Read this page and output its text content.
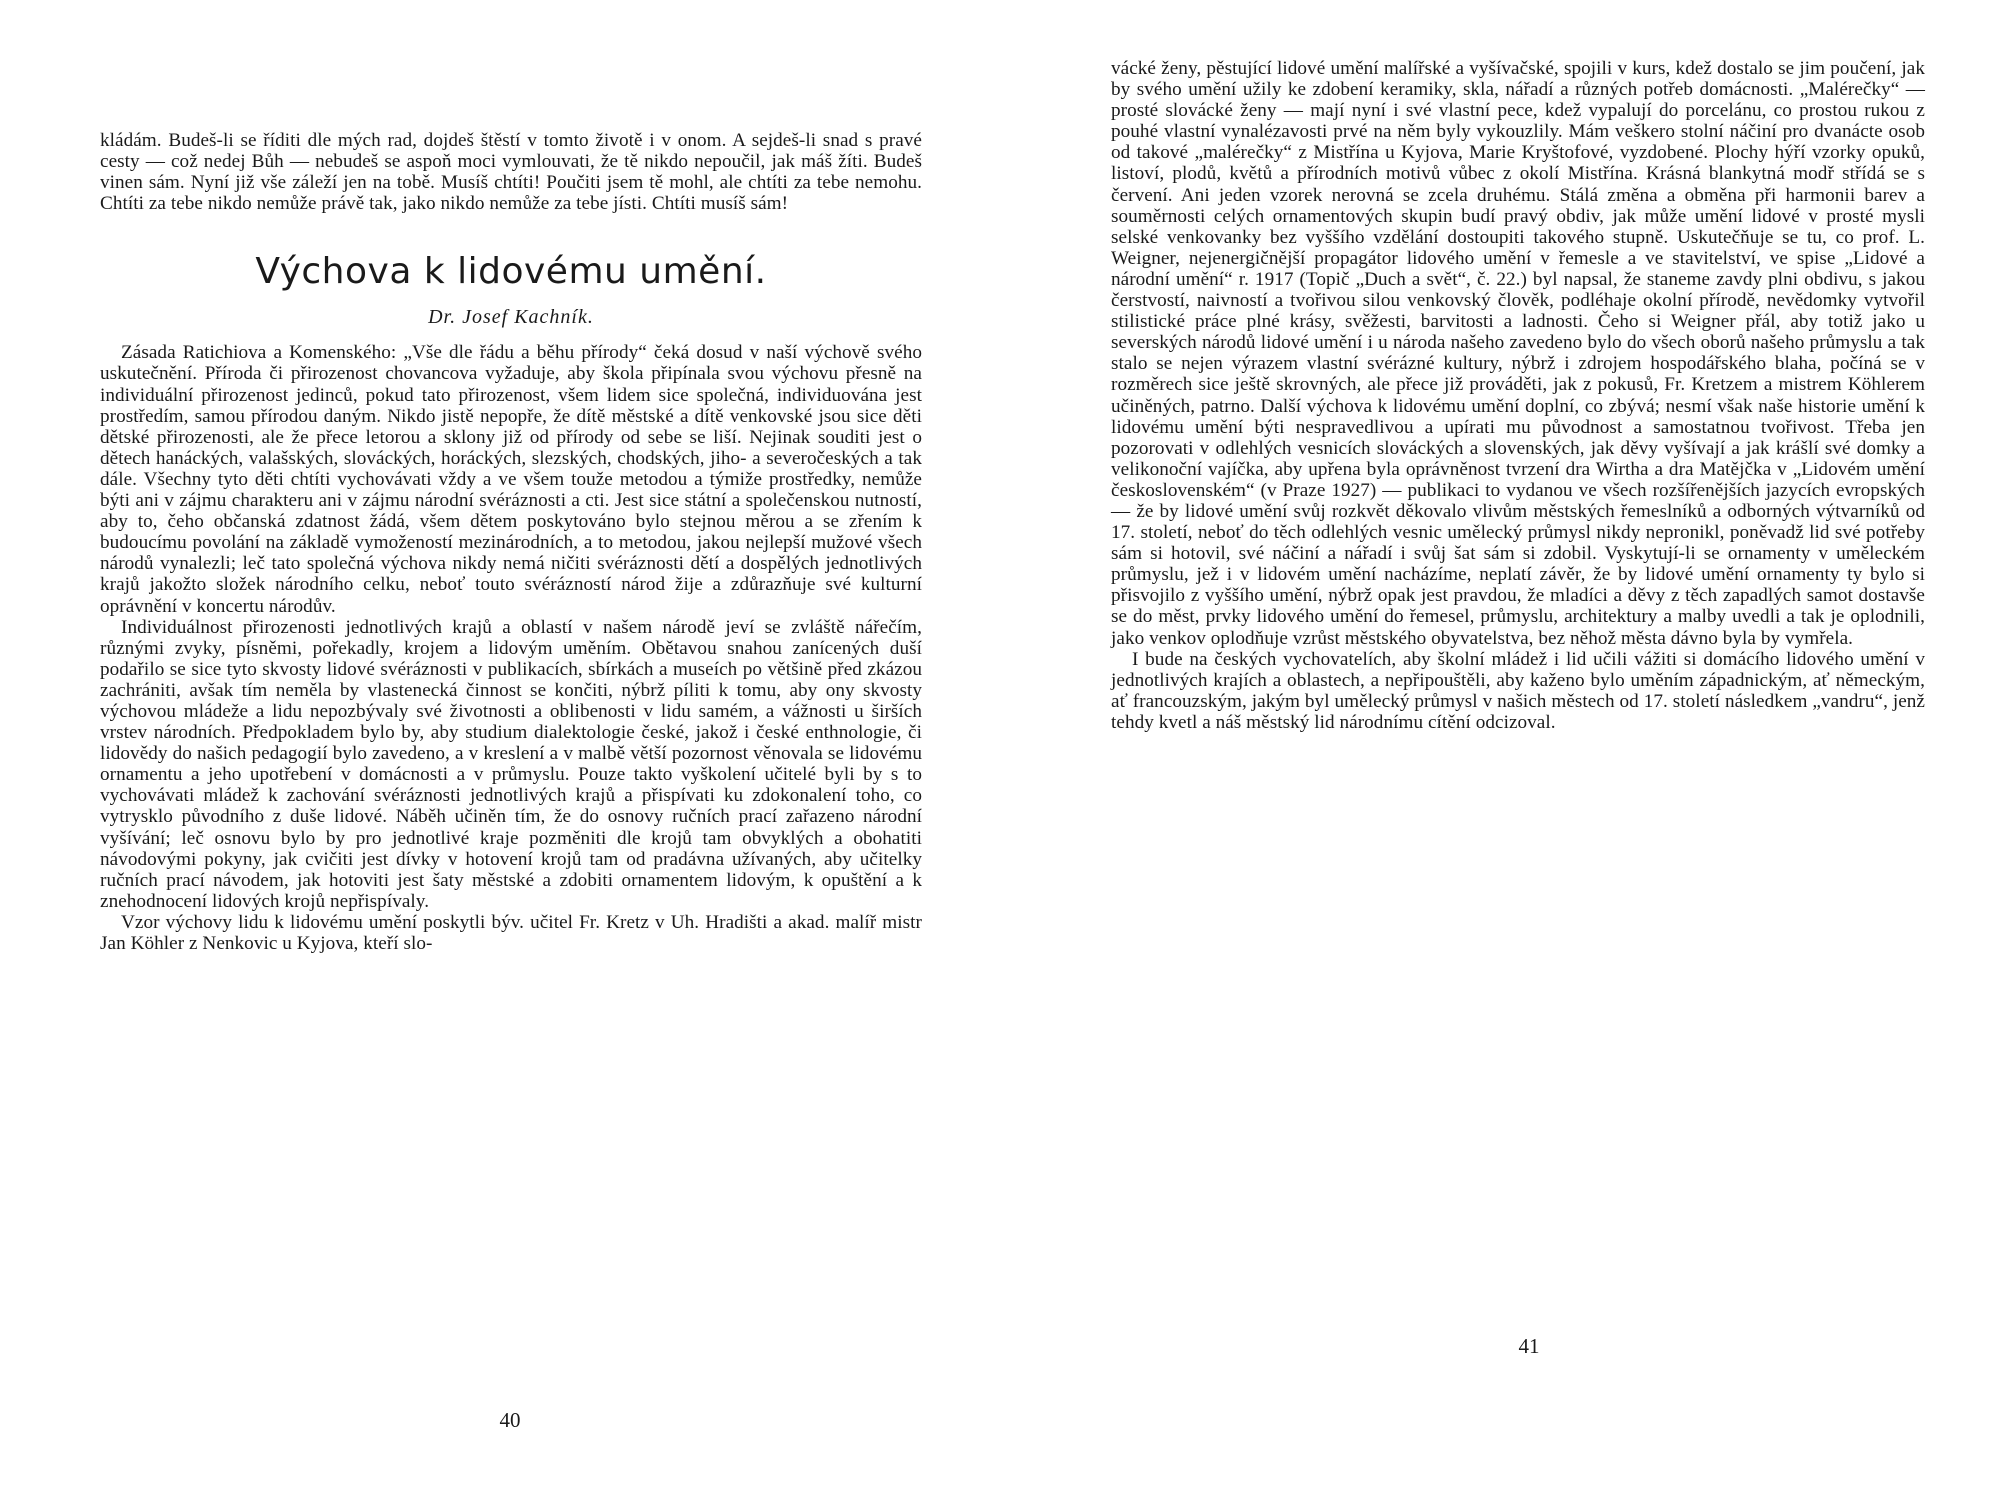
kládám. Budeš-li se říditi dle mých rad, dojdeš štěstí v tomto životě i v onom. A sejdeš-li snad s pravé cesty — což nedej Bůh — nebudeš se aspoň moci vymlouvati, že tě nikdo nepoučil, jak máš žíti. Budeš vinen sám. Nyní již vše záleží jen na tobě. Musíš chtíti! Poučiti jsem tě mohl, ale chtíti za tebe nemohu. Chtíti za tebe nikdo nemůže právě tak, jako nikdo nemůže za tebe jísti. Chtíti musíš sám!

Výchova k lidovému umění.
Dr. Josef Kachník.

Zásada Ratichiova a Komenského: „Vše dle řádu a běhu přírody“ čeká dosud v naší výchově svého uskutečnění. Příroda či přirozenost chovancova vyžaduje, aby škola připínala svou výchovu přesně na individuální přirozenost jedinců, pokud tato přirozenost, všem lidem sice společná, individuována jest prostředím, samou přírodou daným. Nikdo jistě nepopře, že dítě městské a dítě venkovské jsou sice děti dětské přirozenosti, ale že přece letorou a sklony již od přírody od sebe se liší. Nejinak souditi jest o dětech hanáckých, valašských, slováckých, horáckých, slezských, chodských, jiho- a severočeských a tak dále. Všechny tyto děti chtíti vychovávati vždy a ve všem touže metodou a týmiže prostředky, nemůže býti ani v zájmu charakteru ani v zájmu národní svéráznosti a cti. Jest sice státní a společenskou nutností, aby to, čeho občanská zdatnost žádá, všem dětem poskytováno bylo stejnou měrou a se zřením k budoucímu povolání na základě vymožeností mezinárodních, a to metodou, jakou nejlepší mužové všech národů vynalezli; leč tato společná výchova nikdy nemá ničiti svéráznosti dětí a dospělých jednotlivých krajů jakožto složek národního celku, neboť touto svérázností národ žije a zdůrazňuje své kulturní oprávnění v koncertu národův.

Individuálnost přirozenosti jednotlivých krajů a oblastí v našem národě jeví se zvláště nářečím, různými zvyky, písněmi, pořekadly, krojem a lidovým uměním. Obětavou snahou zanícených duší podařilo se sice tyto skvosty lidové svéráznosti v publikacích, sbírkách a museích po většině před zkázou zachrániti, avšak tím neměla by vlastenecká činnost se končiti, nýbrž píliti k tomu, aby ony skvosty výchovou mládeže a lidu nepozbývaly své životnosti a oblibenosti v lidu samém, a vážnosti u širších vrstev národních. Předpokladem bylo by, aby studium dialektologie české, jakož i české enthnologie, či lidovědy do našich pedagogií bylo zavedeno, a v kreslení a v malbě větší pozornost věnovala se lidovému ornamentu a jeho upotřebení v domácnosti a v průmyslu. Pouze takto vyškolení učitelé byli by s to vychovávati mládež k zachování svéráznosti jednotlivých krajů a přispívati ku zdokonalení toho, co vytrysklo původního z duše lidové. Náběh učiněn tím, že do osnovy ručních prací zařazeno národní vyšívání; leč osnovu bylo by pro jednotlivé kraje pozměniti dle krojů tam obvyklých a obohatiti návodovými pokyny, jak cvičiti jest dívky v hotovení krojů tam od pradávna užívaných, aby učitelky ručních prací návodem, jak hotoviti jest šaty městské a zdobiti ornamentem lidovým, k opuštění a k znehodnocení lidových krojů nepřispívaly.

Vzor výchovy lidu k lidovému umění poskytli býv. učitel Fr. Kretz v Uh. Hradišti a akad. malíř mistr Jan Köhler z Nenkovic u Kyjova, kteří slo-

40

vácké ženy, pěstující lidové umění malířské a vyšívačské, spojili v kurs, kdež dostalo se jim poučení, jak by svého umění užily ke zdobení keramiky, skla, nářadí a různých potřeb domácnosti. „Malérečky“ — prosté slovácké ženy — mají nyní i své vlastní pece, kdež vypalují do porcelánu, co prostou rukou z pouhé vlastní vynalézavosti prvé na něm byly vykouzlily. Mám veškero stolní náčiní pro dvanácte osob od takové „malérečky“ z Mistřína u Kyjova, Marie Kryštofové, vyzdobené. Plochy hýří vzorky opuků, listoví, plodů, květů a přírodních motivů vůbec z okolí Mistřína. Krásná blankytná modř střídá se s červení. Ani jeden vzorek nerovná se zcela druhému. Stálá změna a obměna při harmonii barev a souměrnosti celých ornamentových skupin budí pravý obdiv, jak může umění lidové v prosté mysli selské venkovanky bez vyššího vzdělání dostoupiti takového stupně. Uskutečňuje se tu, co prof. L. Weigner, nejenergičnější propagátor lidového umění v řemesle a ve stavitelství, ve spise „Lidové a národní umění“ r. 1917 (Topič „Duch a svět“, č. 22.) byl napsal, že staneme zavdy plni obdivu, s jakou čerstvostí, naivností a tvořivou silou venkovský člověk, podléhaje okolní přírodě, nevědomky vytvořil stilistické práce plné krásy, svěžesti, barvitosti a ladnosti. Čeho si Weigner přál, aby totiž jako u severských národů lidové umění i u národa našeho zavedeno bylo do všech oborů našeho průmyslu a tak stalo se nejen výrazem vlastní svérázné kultury, nýbrž i zdrojem hospodářského blaha, počíná se v rozměrech sice ještě skrovných, ale přece již prováděti, jak z pokusů, Fr. Kretzem a mistrem Köhlerem učiněných, patrno. Další výchova k lidovému umění doplní, co zbývá; nesmí však naše historie umění k lidovému umění býti nespravedlivou a upírati mu původnost a samostatnou tvořivost. Třeba jen pozorovati v odlehlých vesnicích slováckých a slovenských, jak děvy vyšívají a jak krášlí své domky a velikonoční vajíčka, aby upřena byla oprávněnost tvrzení dra Wirtha a dra Matějčka v „Lidovém umění československém“ (v Praze 1927) — publikaci to vydanou ve všech rozšířenějších jazycích evropských — že by lidové umění svůj rozkvět děkovalo vlivům městských řemeslníků a odborných výtvarníků od 17. století, neboť do těch odlehlých vesnic umělecký průmysl nikdy nepronikl, poněvadž lid své potřeby sám si hotovil, své náčiní a nářadí i svůj šat sám si zdobil. Vyskytují-li se ornamenty v uměleckém průmyslu, jež i v lidovém umění nacházíme, neplatí závěr, že by lidové umění ornamenty ty bylo si přisvojilo z vyššího umění, nýbrž opak jest pravdou, že mladíci a děvy z těch zapadlých samot dostavše se do měst, prvky lidového umění do řemesel, průmyslu, architektury a malby uvedli a tak je oplodnili, jako venkov oplodňuje vzrůst městského obyvatelstva, bez něhož města dávno byla by vymřela.

I bude na českých vychovatelích, aby školní mládež i lid učili vážiti si domácího lidového umění v jednotlivých krajích a oblastech, a nepřipouštěli, aby kaženo bylo uměním západnickým, ať německým, ať francouzským, jakým byl umělecký průmysl v našich městech od 17. století následkem „vandru“, jenž tehdy kvetl a náš městský lid národnímu cítění odcizoval.

41
